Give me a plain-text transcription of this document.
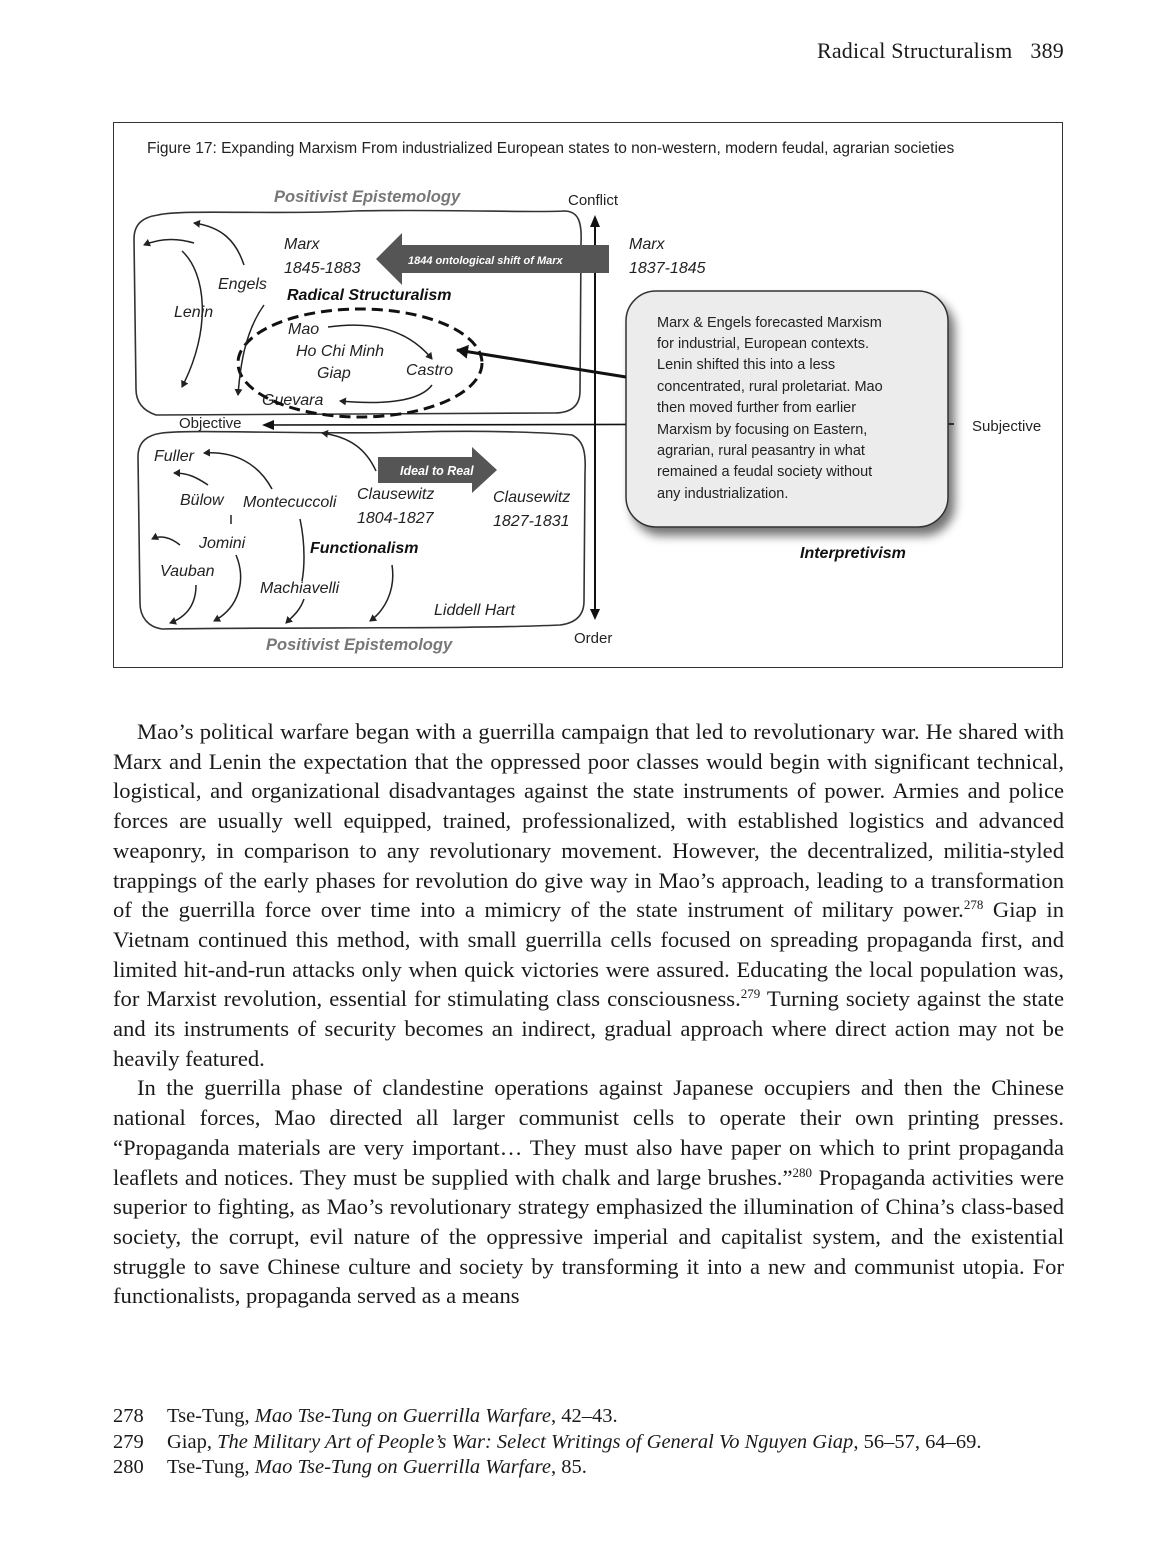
Radical Structuralism 389
Figure 17: Expanding Marxism From industrialized European states to non-western, modern feudal, agrarian societies
Conflict
Order
Objective	Subjective
Positivist Epistemology
Positivist Epistemology
1844 ontological shift of Marx
Ideal to Real
Marx
1845-1883
Marx
1837-1845
Engels
Lenin
Radical Structuralism
Mao
Ho Chi Minh
Giap	Castro
Guevara
Fuller
Bülow Montecuccoli Clausewitz
1804-1827
Clausewitz
1827-1831
Jomini	Functionalism
Vauban
Machiavelli
Liddell Hart
Marx & Engels forecasted Marxism
for industrial, European contexts.
Lenin shifted this into a less
concentrated, rural proletariat. Mao
then moved further from earlier
Marxism by focusing on Eastern,
agrarian, rural peasantry in what
remained a feudal society without
any industrialization.
Interpretivism

Mao’s political warfare began with a guerrilla campaign that led to revolutionary war. He shared with Marx and Lenin the expectation that the oppressed poor classes would begin with significant technical, logistical, and organizational disadvantages against the state instruments of power. Armies and police forces are usually well equipped, trained, professionalized, with established logistics and advanced weaponry, in comparison to any revolutionary movement. However, the decentralized, militia-styled trappings of the early phases for revolution do give way in Mao’s approach, leading to a transformation of the guerrilla force over time into a mimicry of the state instrument of military power.$^{278}$ Giap in Vietnam continued this method, with small guerrilla cells focused on spreading propaganda first, and limited hit-and-run attacks only when quick victories were assured. Educating the local population was, for Marxist revolution, essential for stimulating class consciousness.$^{279}$ Turning society against the state and its instruments of security becomes an indirect, gradual approach where direct action may not be heavily featured.

In the guerrilla phase of clandestine operations against Japanese occupiers and then the Chinese national forces, Mao directed all larger communist cells to operate their own printing presses. “Propaganda materials are very important… They must also have paper on which to print propaganda leaflets and notices. They must be supplied with chalk and large brushes.”$^{280}$ Propaganda activities were superior to fighting, as Mao’s revolutionary strategy emphasized the illumination of China’s class-based society, the corrupt, evil nature of the oppressive imperial and capitalist system, and the existential struggle to save Chinese culture and society by transforming it into a new and communist utopia. For functionalists, propaganda served as a means

278	Tse-Tung, Mao Tse-Tung on Guerrilla Warfare, 42–43.
279	Giap, The Military Art of People’s War: Select Writings of General Vo Nguyen Giap, 56–57, 64–69.
280	Tse-Tung, Mao Tse-Tung on Guerrilla Warfare, 85.
